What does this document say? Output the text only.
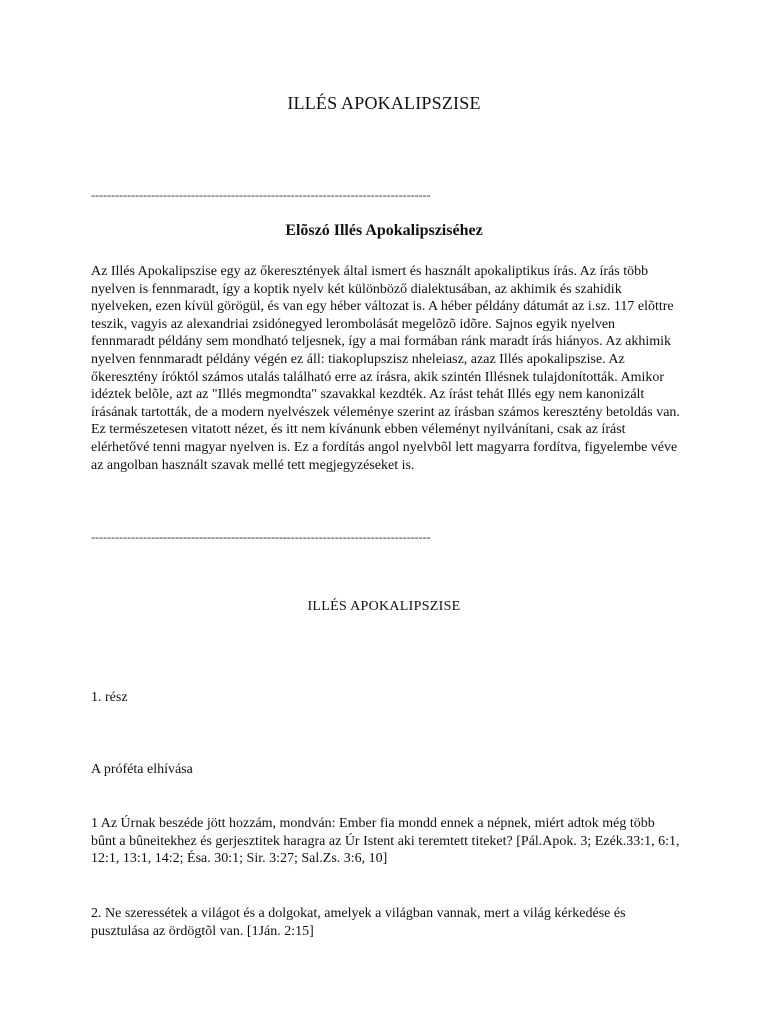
ILLÉS APOKALIPSZISE
-------------------------------------------------------------------------------------
Elõszó Illés Apokalipsziséhez
Az Illés Apokalipszise egy az őkeresztények által ismert és használt apokaliptikus írás. Az írás több nyelven is fennmaradt, így a koptik nyelv két különböző dialektusában, az akhimik és szahidik nyelveken, ezen kívül görögül, és van egy héber változat is. A héber példány dátumát az i.sz. 117 elõttre teszik, vagyis az alexandriai zsidónegyed lerombolását megelõzõ idõre. Sajnos egyik nyelven fennmaradt példány sem mondható teljesnek, így a mai formában ránk maradt írás hiányos. Az akhimik nyelven fennmaradt példány végén ez áll: tiakoplupszisz nheleiasz, azaz Illés apokalipszise. Az őkeresztény íróktól számos utalás található erre az írásra, akik szintén Illésnek tulajdonították. Amikor idéztek belõle, azt az "Illés megmondta" szavakkal kezdték. Az írást tehát Illés egy nem kanonizált írásának tartották, de a modern nyelvészek véleménye szerint az írásban számos keresztény betoldás van. Ez természetesen vitatott nézet, és itt nem kívánunk ebben véleményt nyilvánítani, csak az írást elérhetővé tenni magyar nyelven is. Ez a fordítás angol nyelvbõl lett magyarra fordítva, figyelembe véve az angolban használt szavak mellé tett megjegyzéseket is.
-------------------------------------------------------------------------------------
ILLÉS APOKALIPSZISE
1. rész
A próféta elhívása
1 Az Úrnak beszéde jött hozzám, mondván: Ember fia mondd ennek a népnek, miért adtok még több bûnt a bûneitekhez és gerjesztitek haragra az Úr Istent aki teremtett titeket? [Pál.Apok. 3; Ezék.33:1, 6:1, 12:1, 13:1, 14:2; Ésa. 30:1; Sir. 3:27; Sal.Zs. 3:6, 10]
2. Ne szeressétek a világot és a dolgokat, amelyek a világban vannak, mert a világ kérkedése és pusztulása az ördögtõl van. [1Ján. 2:15]
